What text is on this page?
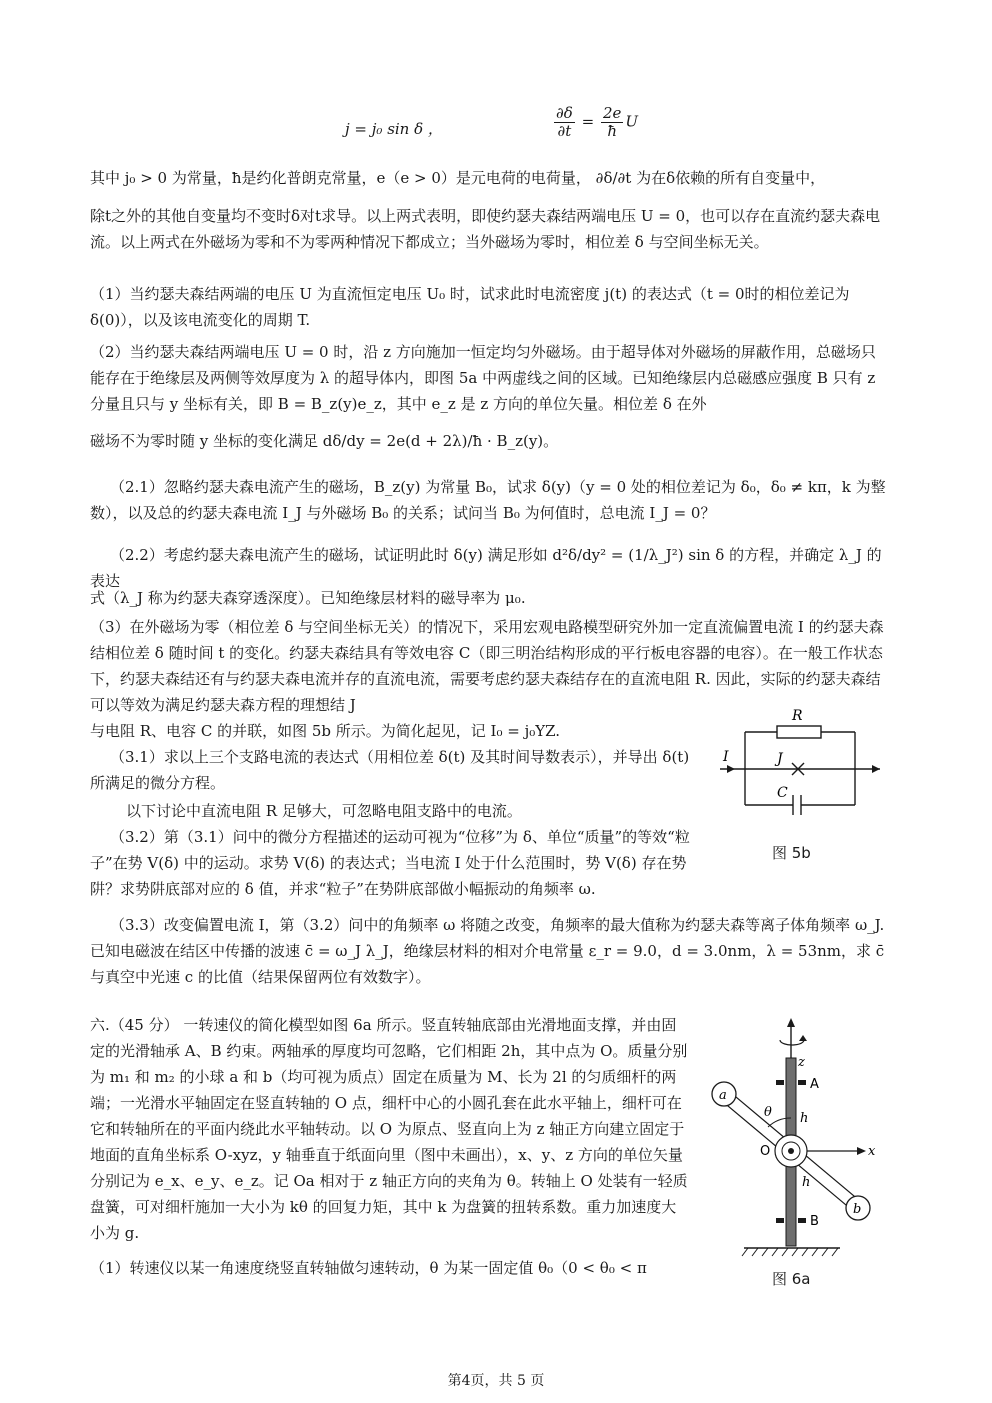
j = j₀ sin δ ，	$\frac{\partial\delta}{\partial t} = \frac{2e}{ħ}$ U

其中 j₀ > 0 为常量，ħ是约化普朗克常量，e（e > 0）是元电荷的电荷量， ∂δ/∂t 为在δ依赖的所有自变量中，

除t之外的其他自变量均不变时δ对t求导。以上两式表明，即使约瑟夫森结两端电压 U = 0，也可以存在直流约瑟夫森电流。以上两式在外磁场为零和不为零两种情况下都成立；当外磁场为零时，相位差 δ 与空间坐标无关。

（1）当约瑟夫森结两端的电压 U 为直流恒定电压 U₀ 时，试求此时电流密度 j(t) 的表达式（t = 0时的相位差记为 δ(0)），以及该电流变化的周期 T.

（2）当约瑟夫森结两端电压 U = 0 时，沿 z 方向施加一恒定均匀外磁场。由于超导体对外磁场的屏蔽作用，总磁场只能存在于绝缘层及两侧等效厚度为 λ 的超导体内，即图 5a 中两虚线之间的区域。已知绝缘层内总磁感应强度 B 只有 z 分量且只与 y 坐标有关，即 B = B_z(y)e_z，其中 e_z 是 z 方向的单位矢量。相位差 δ 在外

磁场不为零时随 y 坐标的变化满足 dδ/dy = 2e(d + 2λ)/ħ · B_z(y)。

（2.1）忽略约瑟夫森电流产生的磁场，B_z(y) 为常量 B₀，试求 δ(y)（y = 0 处的相位差记为 δ₀，δ₀ ≠ kπ，k 为整数），以及总的约瑟夫森电流 I_J 与外磁场 B₀ 的关系；试问当 B₀ 为何值时，总电流 I_J = 0？

（2.2）考虑约瑟夫森电流产生的磁场，试证明此时 δ(y) 满足形如 d²δ/dy² = (1/λ_J²) sin δ 的方程，并确定 λ_J 的表达

式（λ_J 称为约瑟夫森穿透深度）。已知绝缘层材料的磁导率为 μ₀.

（3）在外磁场为零（相位差 δ 与空间坐标无关）的情况下，采用宏观电路模型研究外加一定直流偏置电流 I 的约瑟夫森结相位差 δ 随时间 t 的变化。约瑟夫森结具有等效电容 C（即三明治结构形成的平行板电容器的电容）。在一般工作状态下，约瑟夫森结还有与约瑟夫森电流并存的直流电流，需要考虑约瑟夫森结存在的直流电阻 R. 因此，实际的约瑟夫森结可以等效为满足约瑟夫森方程的理想结 J

与电阻 R、电容 C 的并联，如图 5b 所示。为简化起见，记 I₀ = j₀YZ.

（3.1）求以上三个支路电流的表达式（用相位差 δ(t) 及其时间导数表示），并导出 δ(t) 所满足的微分方程。

以下讨论中直流电阻 R 足够大，可忽略电阻支路中的电流。

（3.2）第（3.1）问中的微分方程描述的运动可视为“位移”为 δ、单位“质量”的等效“粒子”在势 V(δ) 中的运动。求势 V(δ) 的表达式；当电流 I 处于什么范围时，势 V(δ) 存在势阱？求势阱底部对应的 δ 值，并求“粒子”在势阱底部做小幅振动的角频率 ω.

（3.3）改变偏置电流 I，第（3.2）问中的角频率 ω 将随之改变，角频率的最大值称为约瑟夫森等离子体角频率 ω_J. 已知电磁波在结区中传播的波速 c̄ = ω_J λ_J，绝缘层材料的相对介电常量 ε_r = 9.0，d = 3.0nm，λ = 53nm，求 c̄ 与真空中光速 c 的比值（结果保留两位有效数字）。

六.（45 分） 一转速仪的简化模型如图 6a 所示。竖直转轴底部由光滑地面支撑，并由固定的光滑轴承 A、B 约束。两轴承的厚度均可忽略，它们相距 2h，其中点为 O。质量分别为 m₁ 和 m₂ 的小球 a 和 b（均可视为质点）固定在质量为 M、长为 2l 的匀质细杆的两端；一光滑水平轴固定在竖直转轴的 O 点，细杆中心的小圆孔套在此水平轴上，细杆可在它和转轴所在的平面内绕此水平轴转动。以 O 为原点、竖直向上为 z 轴正方向建立固定于地面的直角坐标系 O-xyz，y 轴垂直于纸面向里（图中未画出），x、y、z 方向的单位矢量分别记为 e_x、e_y、e_z。记 Oa 相对于 z 轴正方向的夹角为 θ。转轴上 O 处装有一轻质盘簧，可对细杆施加一大小为 kθ 的回复力矩，其中 k 为盘簧的扭转系数。重力加速度大小为 g.

（1）转速仪以某一角速度绕竖直转轴做匀速转动，θ 为某一固定值 θ₀（0 < θ₀ < π

R
I	J
C
图 5b
z
A
a
θ h
O	x
h
b
B
图 6a
第4页，共 5 页
